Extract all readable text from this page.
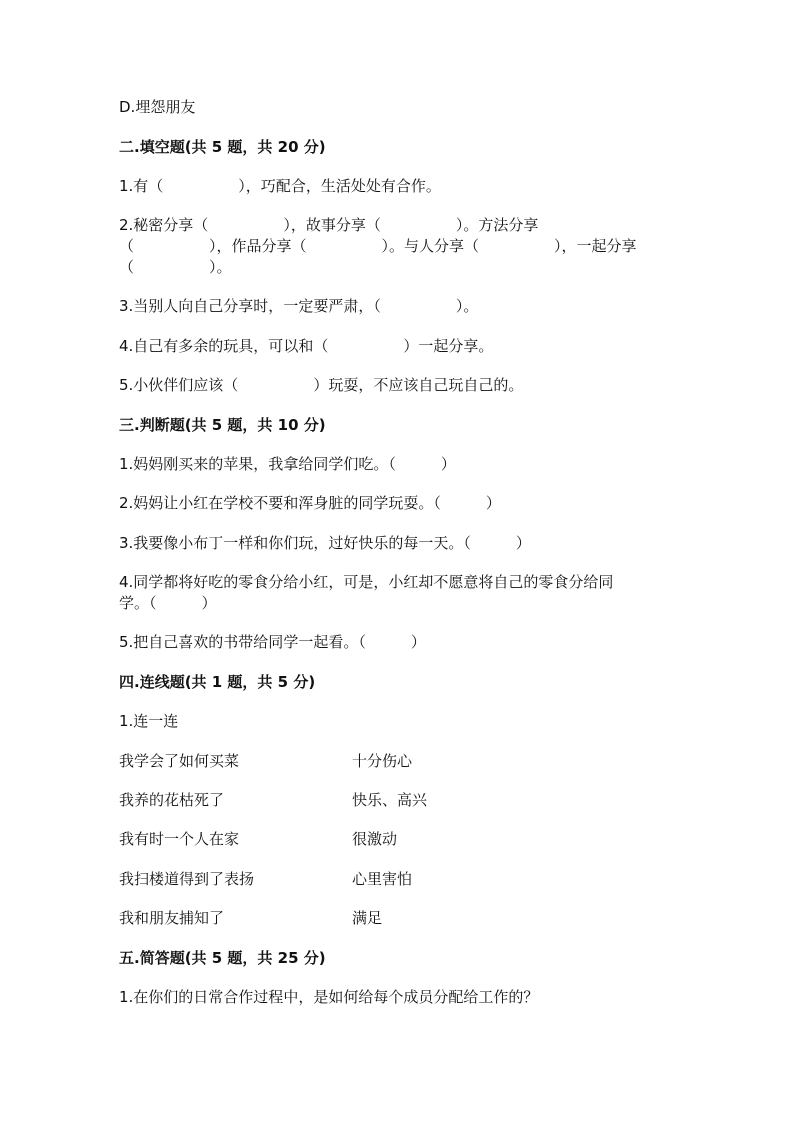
D.埋怨朋友
二.填空题(共 5 题，共 20 分)
1.有（　　　　　），巧配合，生活处处有合作。
2.秘密分享（　　　　　），故事分享（　　　　　）。方法分享
（　　　　　），作品分享（　　　　　）。与人分享（　　　　　），一起分享
（　　　　　）。
3.当别人向自己分享时，一定要严肃，（　　　　　）。
4.自己有多余的玩具，可以和（　　　　　）一起分享。
5.小伙伴们应该（　　　　　）玩耍，不应该自己玩自己的。
三.判断题(共 5 题，共 10 分)
1.妈妈刚买来的苹果，我拿给同学们吃。（　　　）
2.妈妈让小红在学校不要和浑身脏的同学玩耍。（　　　）
3.我要像小布丁一样和你们玩，过好快乐的每一天。（　　　）
4.同学都将好吃的零食分给小红，可是，小红却不愿意将自己的零食分给同
学。（　　　）
5.把自己喜欢的书带给同学一起看。（　　　）
四.连线题(共 1 题，共 5 分)
1.连一连
我学会了如何买菜	十分伤心
我养的花枯死了	快乐、高兴
我有时一个人在家	很激动
我扫楼道得到了表扬	心里害怕
我和朋友捕知了	满足
五.简答题(共 5 题，共 25 分)
1.在你们的日常合作过程中，是如何给每个成员分配给工作的？
